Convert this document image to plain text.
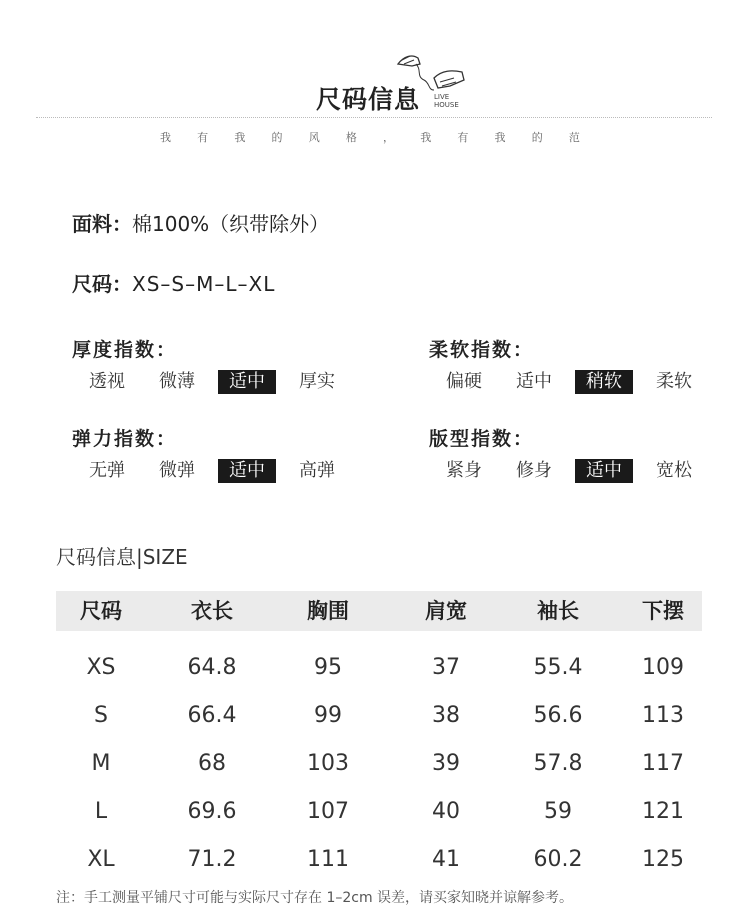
尺码信息 LIVE
HOUSE
我 有 我 的 风 格 ， 我 有 我 的 范
面料：棉100%（织带除外）
尺码：XS–S–M–L–XL
厚度指数：
透视	微薄	适中	厚实
柔软指数：
偏硬	适中	稍软	柔软
弹力指数：
无弹	微弹	适中	高弹
版型指数：
紧身	修身	适中	宽松
尺码信息|SIZE
尺码	衣长	胸围	肩宽	袖长	下摆
XS	64.8	95	37	55.4	109
S	66.4	99	38	56.6	113
M	68	103	39	57.8	117
L	69.6	107	40	59	121
XL	71.2	111	41	60.2	125
注：手工测量平铺尺寸可能与实际尺寸存在 1–2cm 误差，请买家知晓并谅解参考。
